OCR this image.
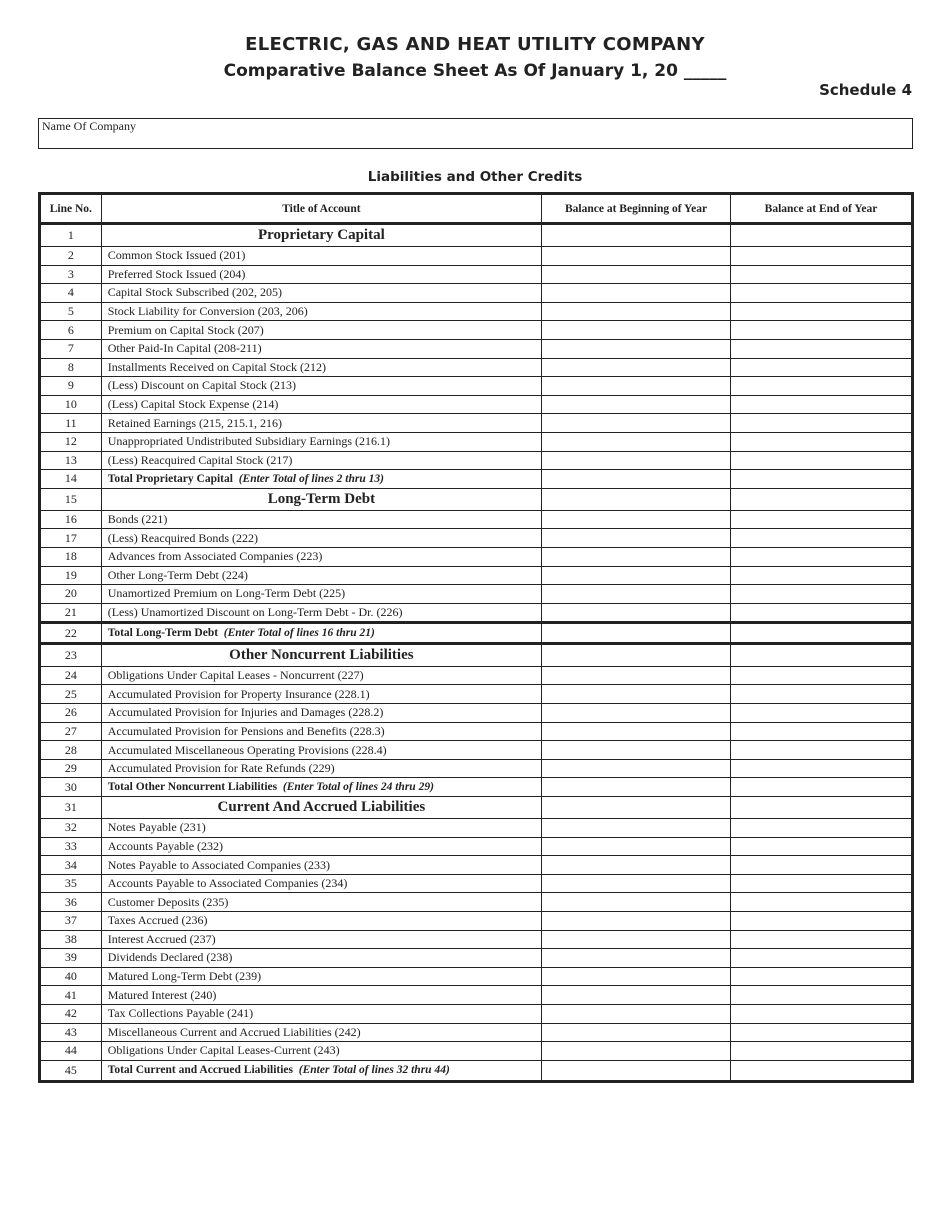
ELECTRIC, GAS AND HEAT UTILITY COMPANY
Comparative Balance Sheet As Of January 1, 20 _____
Schedule 4
Name Of Company
Liabilities and Other Credits
Line No.	Title of Account	Balance at Beginning of Year	Balance at End of Year
1	Proprietary Capital		
2	Common Stock Issued (201)		
3	Preferred Stock Issued (204)		
4	Capital Stock Subscribed (202, 205)		
5	Stock Liability for Conversion (203, 206)		
6	Premium on Capital Stock (207)		
7	Other Paid-In Capital (208-211)		
8	Installments Received on Capital Stock (212)		
9	(Less) Discount on Capital Stock (213)		
10	(Less) Capital Stock Expense (214)		
11	Retained Earnings (215, 215.1, 216)		
12	Unappropriated Undistributed Subsidiary Earnings (216.1)		
13	(Less) Reacquired Capital Stock (217)		
14	Total Proprietary Capital (Enter Total of lines 2 thru 13)		
15	Long-Term Debt		
16	Bonds (221)		
17	(Less) Reacquired Bonds (222)		
18	Advances from Associated Companies (223)		
19	Other Long-Term Debt (224)		
20	Unamortized Premium on Long-Term Debt (225)		
21	(Less) Unamortized Discount on Long-Term Debt - Dr. (226)		
22	Total Long-Term Debt (Enter Total of lines 16 thru 21)		
23	Other Noncurrent Liabilities		
24	Obligations Under Capital Leases - Noncurrent (227)		
25	Accumulated Provision for Property Insurance (228.1)		
26	Accumulated Provision for Injuries and Damages (228.2)		
27	Accumulated Provision for Pensions and Benefits (228.3)		
28	Accumulated Miscellaneous Operating Provisions (228.4)		
29	Accumulated Provision for Rate Refunds (229)		
30	Total Other Noncurrent Liabilities (Enter Total of lines 24 thru 29)		
31	Current And Accrued Liabilities		
32	Notes Payable (231)		
33	Accounts Payable (232)		
34	Notes Payable to Associated Companies (233)		
35	Accounts Payable to Associated Companies (234)		
36	Customer Deposits (235)		
37	Taxes Accrued (236)		
38	Interest Accrued (237)		
39	Dividends Declared (238)		
40	Matured Long-Term Debt (239)		
41	Matured Interest (240)		
42	Tax Collections Payable (241)		
43	Miscellaneous Current and Accrued Liabilities (242)		
44	Obligations Under Capital Leases-Current (243)		
45	Total Current and Accrued Liabilities (Enter Total of lines 32 thru 44)		
